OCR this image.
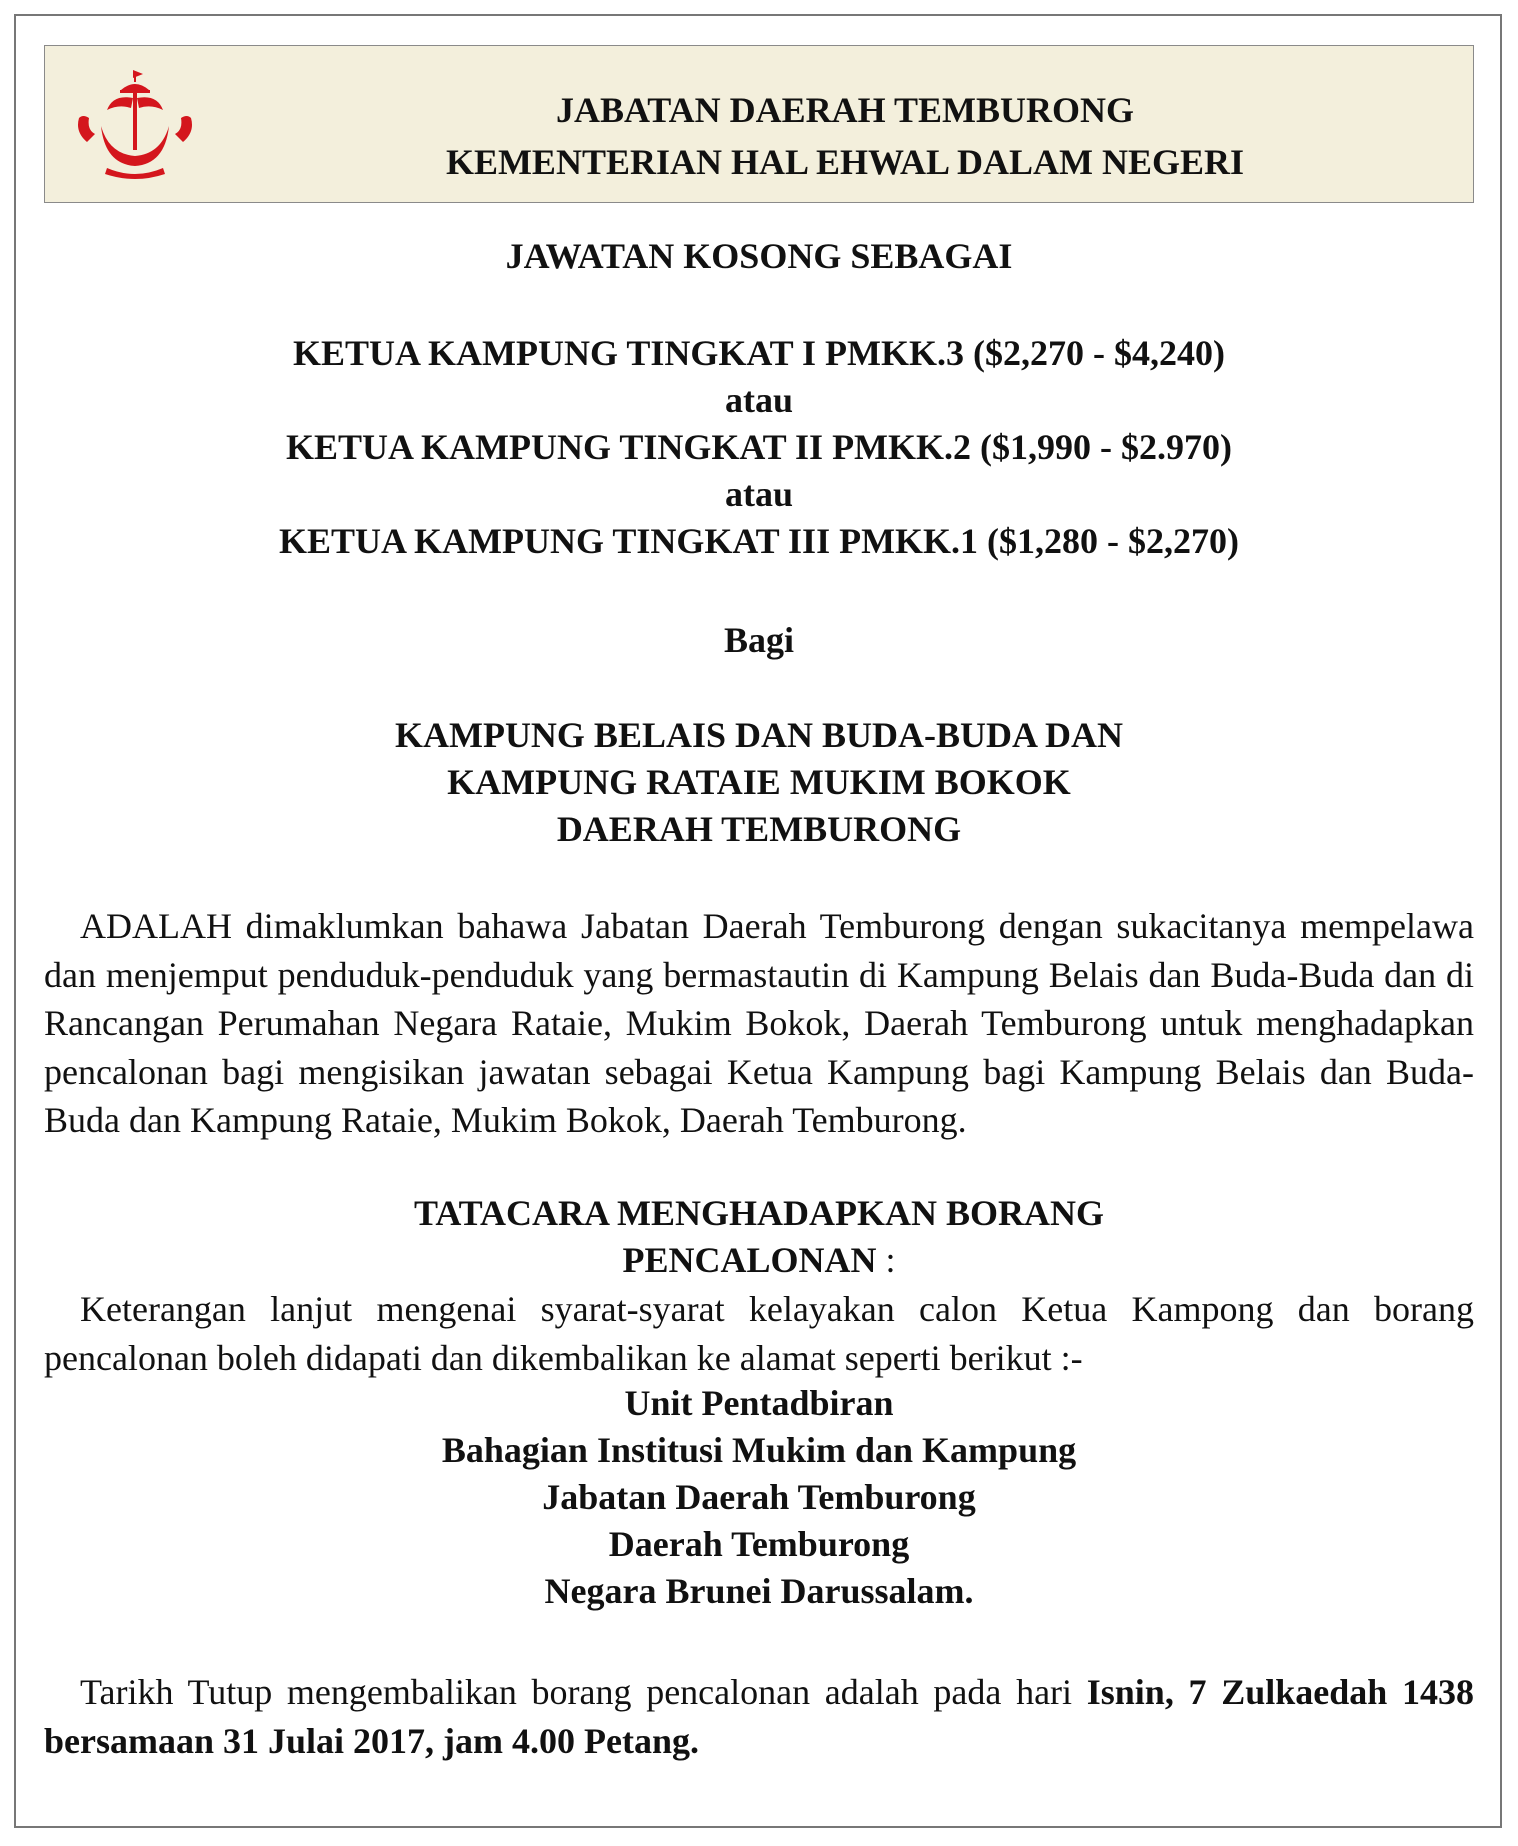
JABATAN DAERAH TEMBURONG
KEMENTERIAN HAL EHWAL DALAM NEGERI
JAWATAN KOSONG SEBAGAI
KETUA KAMPUNG TINGKAT I PMKK.3 ($2,270 - $4,240)
atau
KETUA KAMPUNG TINGKAT II PMKK.2 ($1,990 - $2.970)
atau
KETUA KAMPUNG TINGKAT III PMKK.1 ($1,280 - $2,270)
Bagi
KAMPUNG BELAIS DAN BUDA-BUDA DAN
KAMPUNG RATAIE MUKIM BOKOK
DAERAH TEMBURONG
ADALAH dimaklumkan bahawa Jabatan Daerah Temburong dengan sukacitanya mempelawa dan menjemput penduduk-penduduk yang bermastautin di Kampung Belais dan Buda-Buda dan di Rancangan Perumahan Negara Rataie, Mukim Bokok, Daerah Temburong untuk menghadapkan pencalonan bagi mengisikan jawatan sebagai Ketua Kampung bagi Kampung Belais dan Buda-Buda dan Kampung Rataie, Mukim Bokok, Daerah Temburong.
TATACARA MENGHADAPKAN BORANG
PENCALONAN :
Keterangan lanjut mengenai syarat-syarat kelayakan calon Ketua Kampong dan borang pencalonan boleh didapati dan dikembalikan ke alamat seperti berikut :-
Unit Pentadbiran
Bahagian Institusi Mukim dan Kampung
Jabatan Daerah Temburong
Daerah Temburong
Negara Brunei Darussalam.
Tarikh Tutup mengembalikan borang pencalonan adalah pada hari Isnin, 7 Zulkaedah 1438 bersamaan 31 Julai 2017, jam 4.00 Petang.
